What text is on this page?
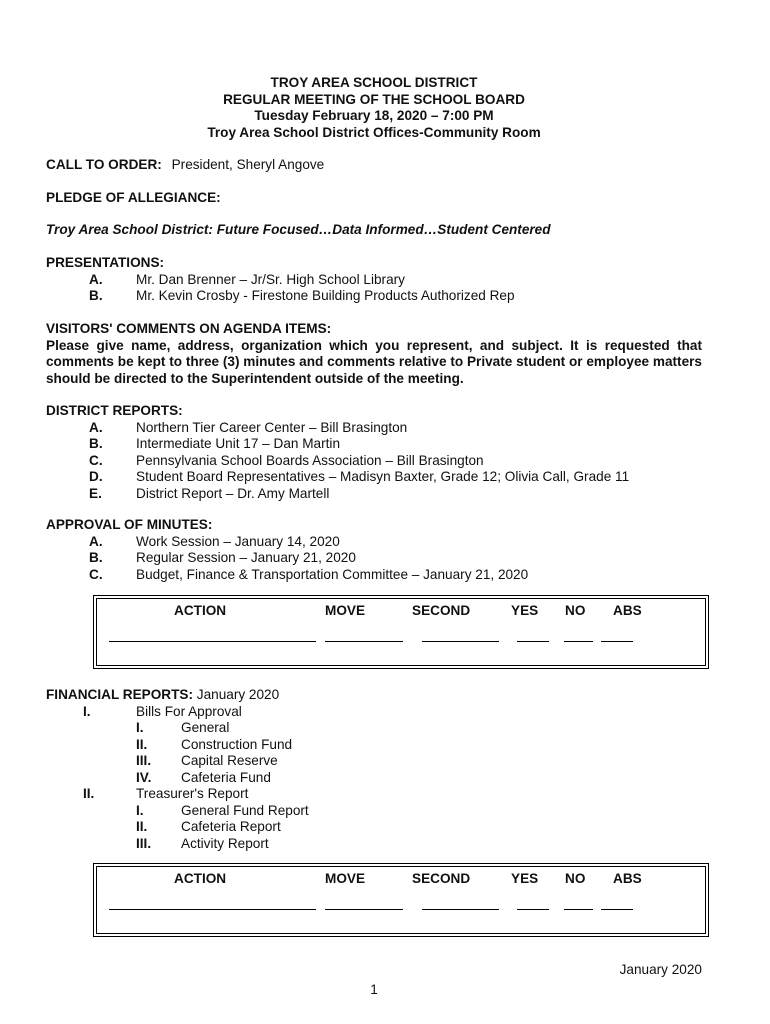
TROY AREA SCHOOL DISTRICT
REGULAR MEETING OF THE SCHOOL BOARD
Tuesday February 18, 2020 – 7:00 PM
Troy Area School District Offices-Community Room
CALL TO ORDER: President, Sheryl Angove
PLEDGE OF ALLEGIANCE:
Troy Area School District: Future Focused…Data Informed…Student Centered
PRESENTATIONS:
A. Mr. Dan Brenner – Jr/Sr. High School Library
B. Mr. Kevin Crosby - Firestone Building Products Authorized Rep
VISITORS' COMMENTS ON AGENDA ITEMS:
Please give name, address, organization which you represent, and subject. It is requested that comments be kept to three (3) minutes and comments relative to Private student or employee matters should be directed to the Superintendent outside of the meeting.
DISTRICT REPORTS:
A. Northern Tier Career Center – Bill Brasington
B. Intermediate Unit 17 – Dan Martin
C. Pennsylvania School Boards Association – Bill Brasington
D. Student Board Representatives – Madisyn Baxter, Grade 12; Olivia Call, Grade 11
E.	District Report – Dr. Amy Martell
APPROVAL OF MINUTES:
A. Work Session – January 14, 2020
B. Regular Session – January 21, 2020
C. Budget, Finance & Transportation Committee – January 21, 2020
ACTION	MOVE	SECOND	YES NO ABS
FINANCIAL REPORTS: January 2020
I.	Bills For Approval
I.	General
II. Construction Fund
III. Capital Reserve
IV. Cafeteria Fund
II.	Treasurer's Report
I.	General Fund Report
II. Cafeteria Report
III. Activity Report
ACTION	MOVE	SECOND	YES NO ABS
January 2020
1
